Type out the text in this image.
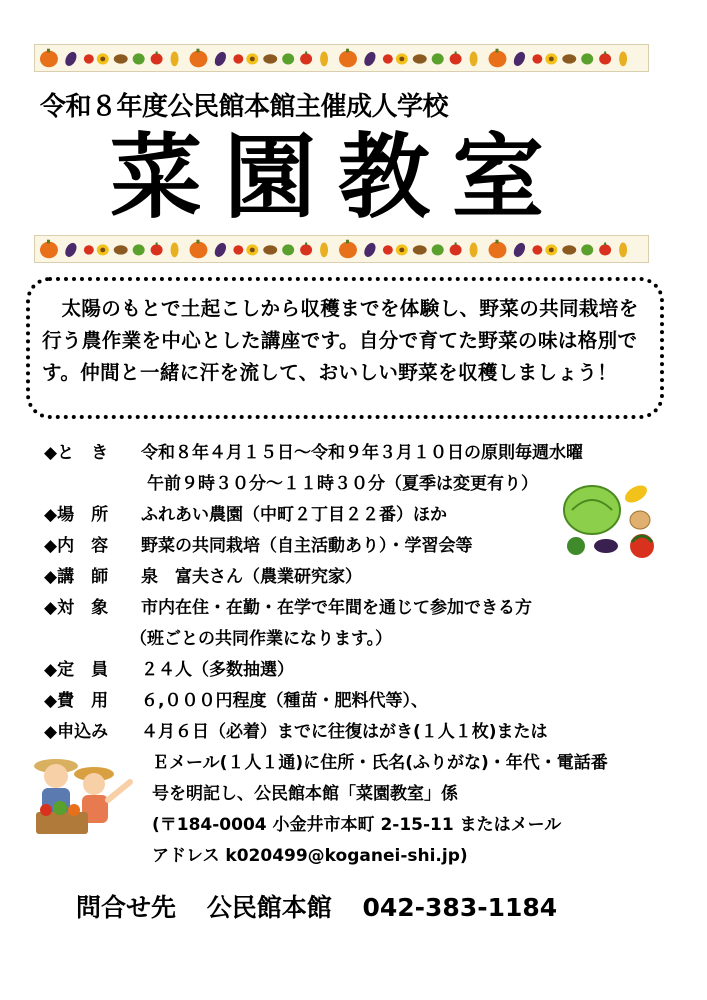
令和８年度公民館本館主催成人学校
菜園教室
太陽のもとで土起こしから収穫までを体験し、野菜の共同栽培を行う農作業を中心とした講座です。自分で育てた野菜の味は格別です。仲間と一緒に汗を流して、おいしい野菜を収穫しましょう！
◆と　き 令和８年４月１５日～令和９年３月１０日の原則毎週水曜
午前９時３０分～１１時３０分（夏季は変更有り）
◆場　所 ふれあい農園（中町２丁目２２番）ほか
◆内　容 野菜の共同栽培（自主活動あり）・学習会等
◆講　師 泉　富夫さん（農業研究家）
◆対　象 市内在住・在勤・在学で年間を通じて参加できる方
（班ごとの共同作業になります。）
◆定　員 ２４人（多数抽選）
◆費　用 ６,０００円程度（種苗・肥料代等）、
◆申込み ４月６日（必着）までに往復はがき(１人１枚)または
Ｅメール(１人１通)に住所・氏名(ふりがな)・年代・電話番
号を明記し、公民館本館「菜園教室」係
(〒184-0004 小金井市本町 2-15-11 またはメール
アドレス k020499@koganei-shi.jp)
問合せ先 公民館本館 042-383-1184
